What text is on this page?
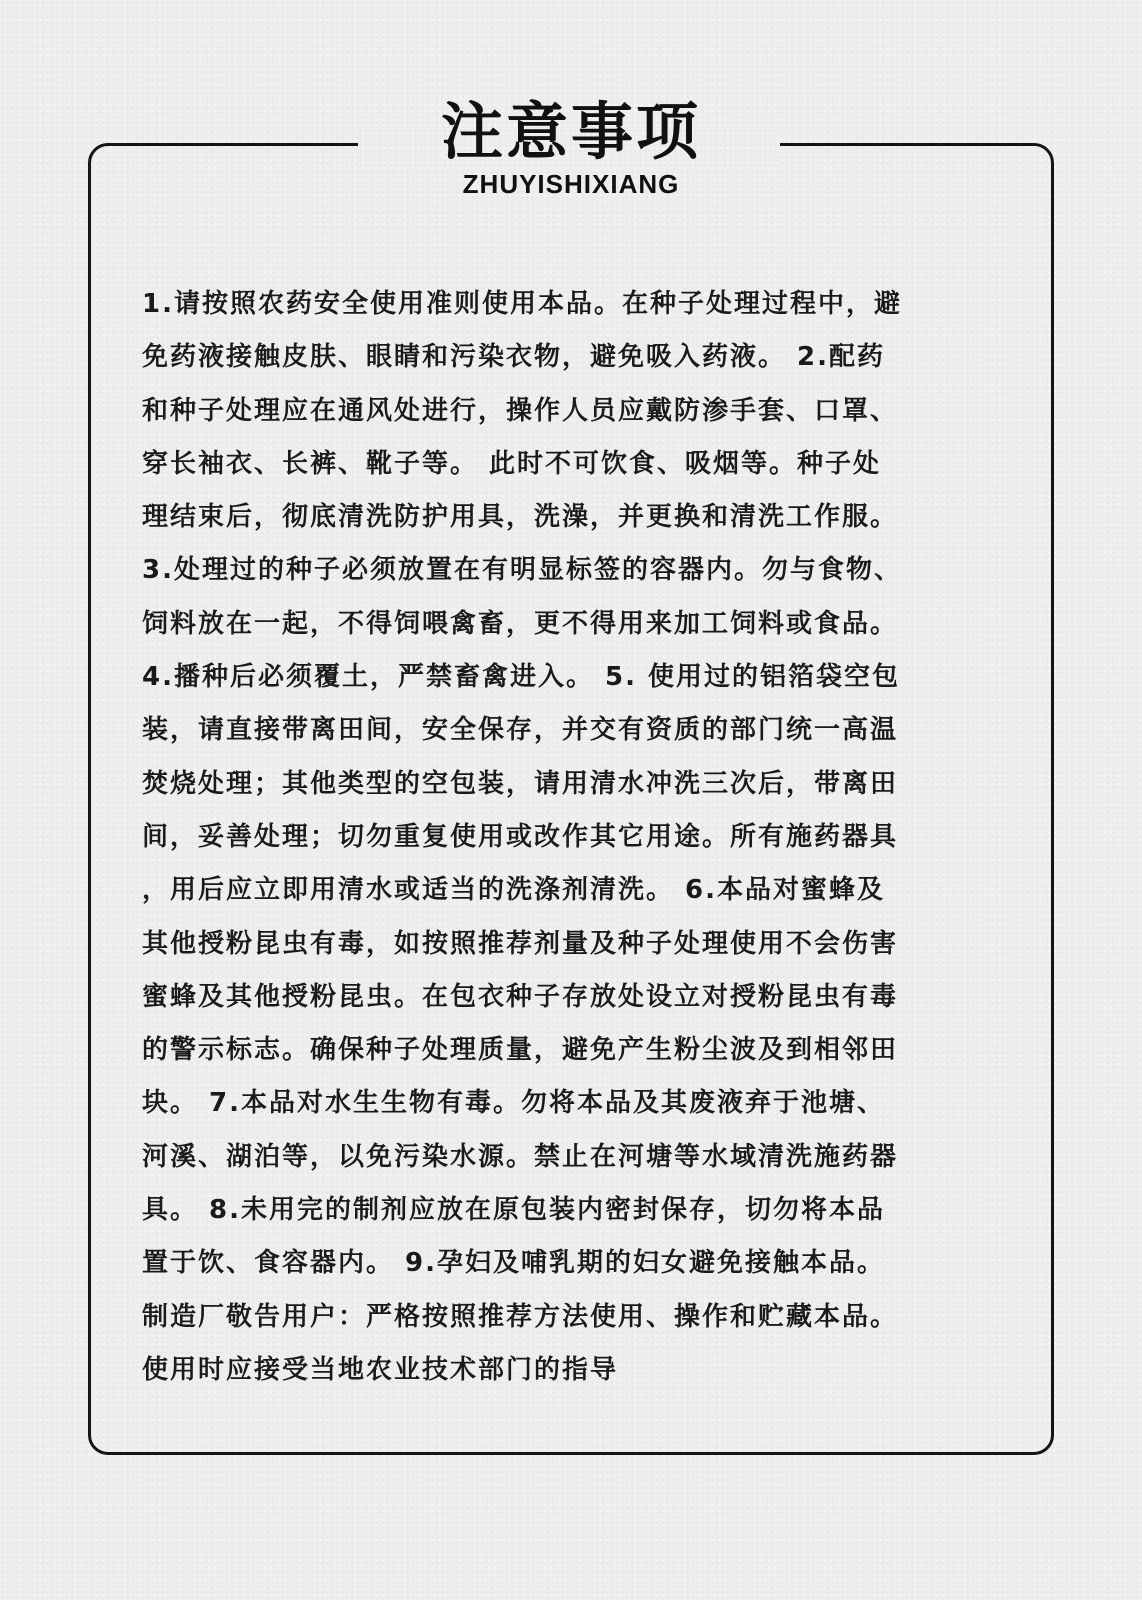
注意事项
ZHUYISHIXIANG
1.请按照农药安全使用准则使用本品。在种子处理过程中，避
免药液接触皮肤、眼睛和污染衣物，避免吸入药液。 2.配药
和种子处理应在通风处进行，操作人员应戴防渗手套、口罩、
穿长袖衣、长裤、靴子等。 此时不可饮食、吸烟等。种子处
理结束后，彻底清洗防护用具，洗澡，并更换和清洗工作服。
3.处理过的种子必须放置在有明显标签的容器内。勿与食物、
饲料放在一起，不得饲喂禽畜，更不得用来加工饲料或食品。
4.播种后必须覆土，严禁畜禽进入。 5. 使用过的铝箔袋空包
装，请直接带离田间，安全保存，并交有资质的部门统一高温
焚烧处理；其他类型的空包装，请用清水冲洗三次后，带离田
间，妥善处理；切勿重复使用或改作其它用途。所有施药器具
，用后应立即用清水或适当的洗涤剂清洗。 6.本品对蜜蜂及
其他授粉昆虫有毒，如按照推荐剂量及种子处理使用不会伤害
蜜蜂及其他授粉昆虫。在包衣种子存放处设立对授粉昆虫有毒
的警示标志。确保种子处理质量，避免产生粉尘波及到相邻田
块。 7.本品对水生生物有毒。勿将本品及其废液弃于池塘、
河溪、湖泊等，以免污染水源。禁止在河塘等水域清洗施药器
具。 8.未用完的制剂应放在原包装内密封保存，切勿将本品
置于饮、食容器内。 9.孕妇及哺乳期的妇女避免接触本品。
制造厂敬告用户：严格按照推荐方法使用、操作和贮藏本品。
使用时应接受当地农业技术部门的指导
